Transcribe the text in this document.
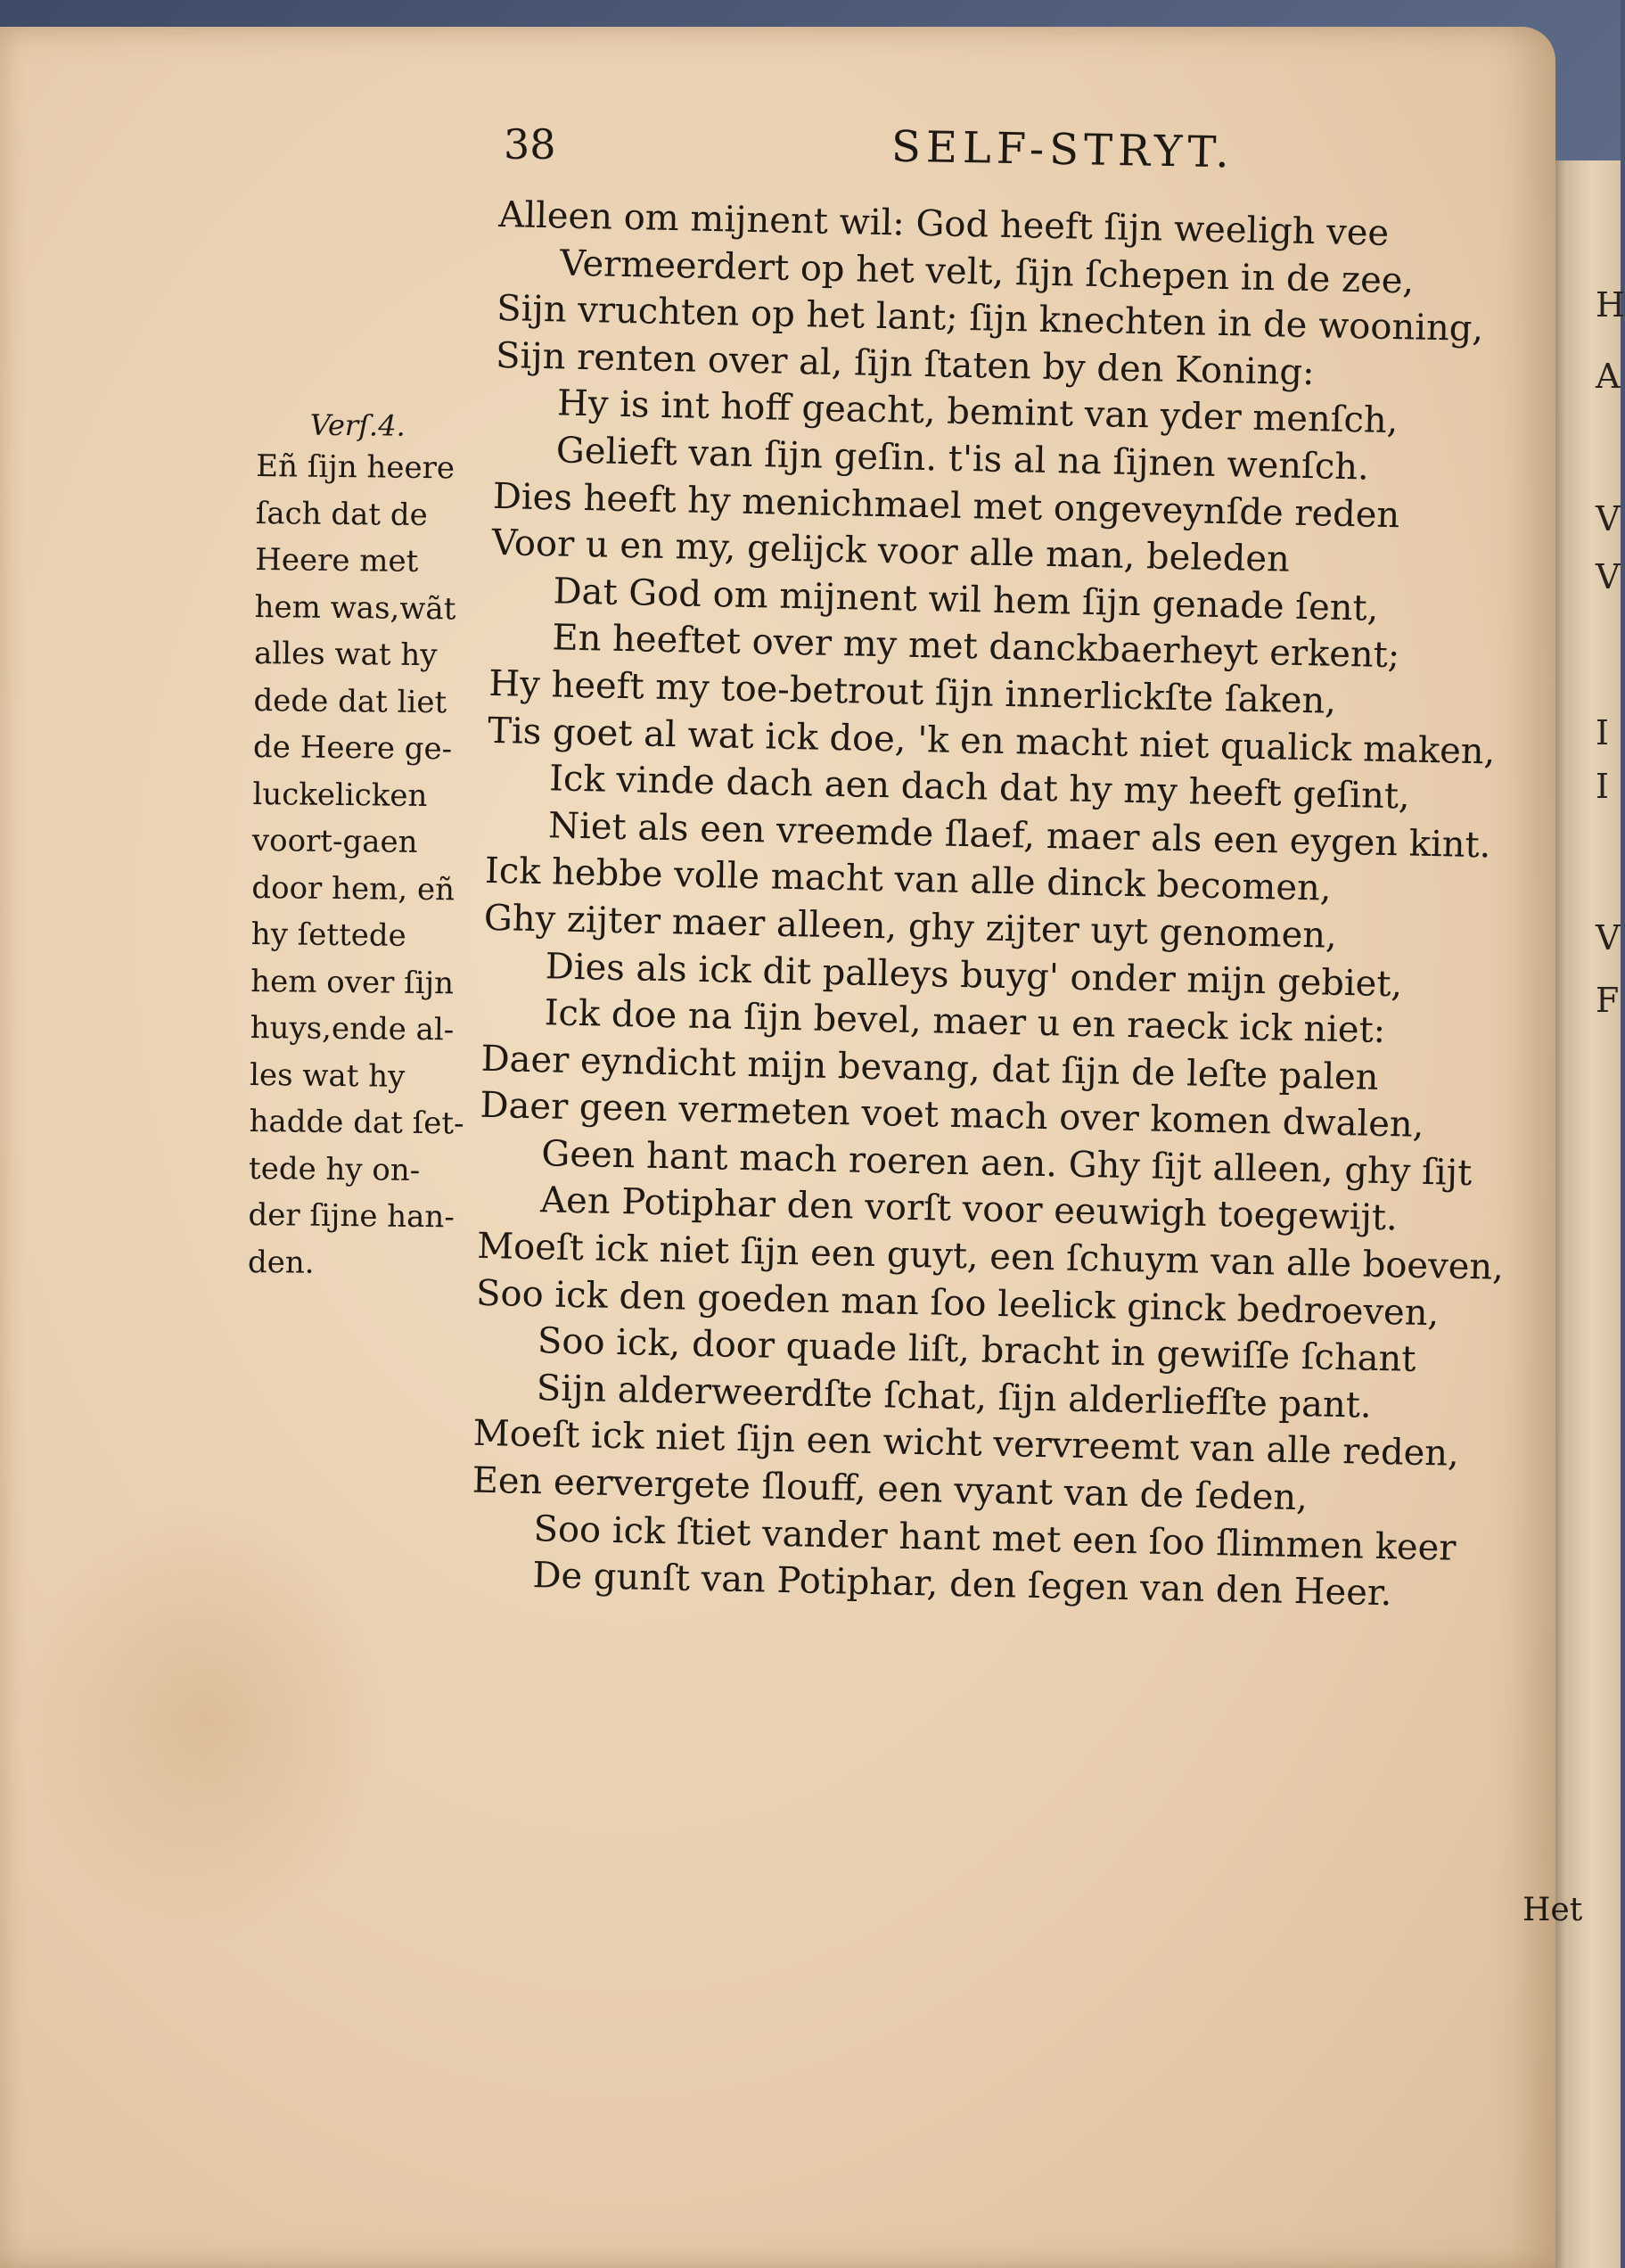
H
A
V
V
I
I
V
F
38	SELF-STRYT.
Verſ.4.
Eñ ſijn heere
ſach dat de
Heere met
hem was,wãt
alles wat hy
dede dat liet
de Heere ge-
luckelicken
voort-gaen
door hem, eñ
hy ſettede
hem over ſijn
huys,ende al-
les wat hy
hadde dat ſet-
tede hy on-
der ſijne han-
den.
Alleen om mijnent wil: God heeft ſijn weeligh vee
Vermeerdert op het velt, ſijn ſchepen in de zee,
Sijn vruchten op het lant; ſijn knechten in de wooning,
Sijn renten over al, ſijn ſtaten by den Koning:
Hy is int hoff geacht, bemint van yder menſch,
Gelieft van ſijn geſin. t'is al na ſijnen wenſch.
Dies heeft hy menichmael met ongeveynſde reden
Voor u en my, gelijck voor alle man, beleden
Dat God om mijnent wil hem ſijn genade ſent,
En heeftet over my met danckbaerheyt erkent;
Hy heeft my toe-betrout ſijn innerlickſte ſaken,
Tis goet al wat ick doe, 'k en macht niet qualick maken,
Ick vinde dach aen dach dat hy my heeft geſint,
Niet als een vreemde ſlaef, maer als een eygen kint.
Ick hebbe volle macht van alle dinck becomen,
Ghy zijter maer alleen, ghy zijter uyt genomen,
Dies als ick dit palleys buyg' onder mijn gebiet,
Ick doe na ſijn bevel, maer u en raeck ick niet:
Daer eyndicht mijn bevang, dat ſijn de leſte palen
Daer geen vermeten voet mach over komen dwalen,
Geen hant mach roeren aen. Ghy ſijt alleen, ghy ſijt
Aen Potiphar den vorſt voor eeuwigh toegewijt.
Moeſt ick niet ſijn een guyt, een ſchuym van alle boeven,
Soo ick den goeden man ſoo leelick ginck bedroeven,
Soo ick, door quade liſt, bracht in gewiſſe ſchant
Sijn alderweerdſte ſchat, ſijn alderliefſte pant.
Moeſt ick niet ſijn een wicht vervreemt van alle reden,
Een eervergete ſlouff, een vyant van de ſeden,
Soo ick ſtiet vander hant met een ſoo ſlimmen keer
De gunſt van Potiphar, den ſegen van den Heer.
Het
